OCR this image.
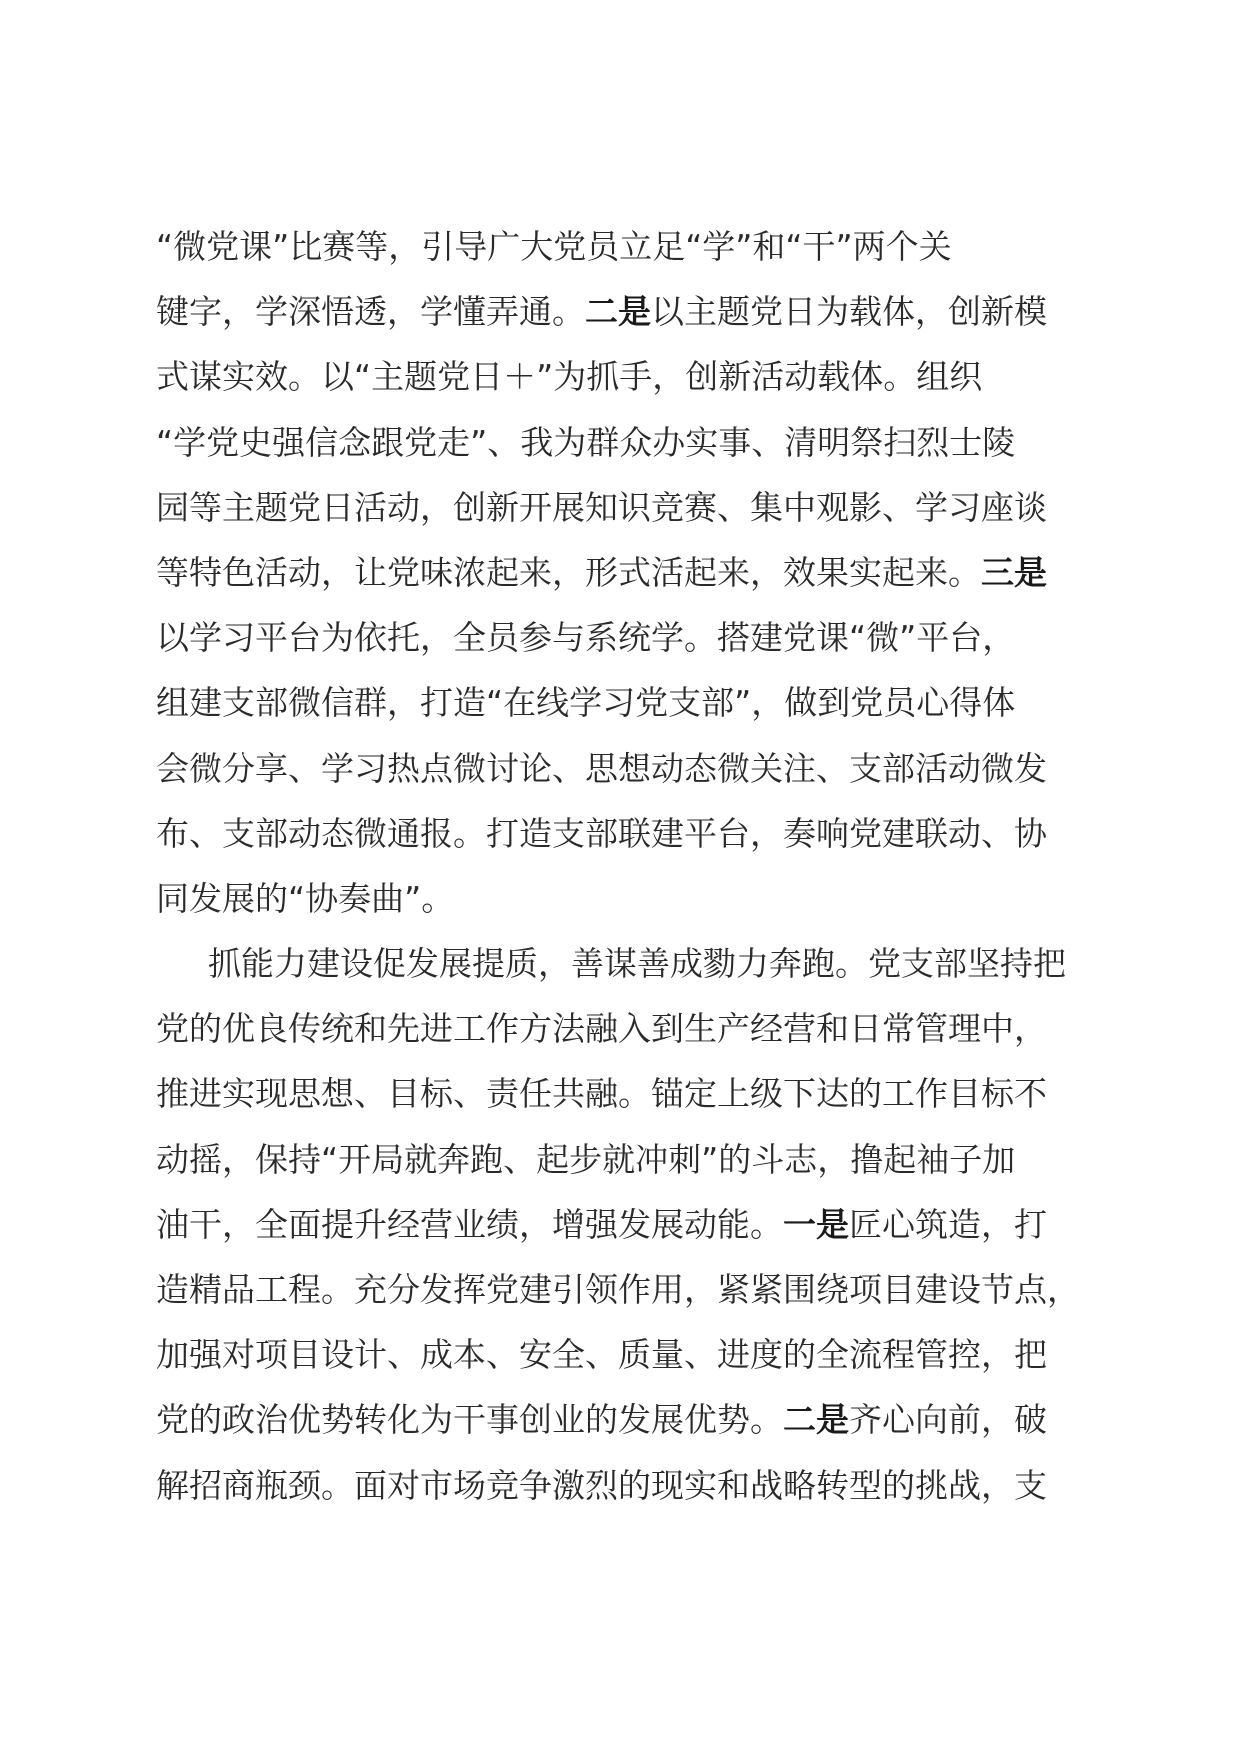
“微党课”比赛等，引导广大党员立足“学”和“干”两个关
键字，学深悟透，学懂弄通。二是以主题党日为载体，创新模
式谋实效。以“主题党日＋”为抓手，创新活动载体。组织
“学党史强信念跟党走”、我为群众办实事、清明祭扫烈士陵
园等主题党日活动，创新开展知识竞赛、集中观影、学习座谈
等特色活动，让党味浓起来，形式活起来，效果实起来。三是
以学习平台为依托，全员参与系统学。搭建党课“微”平台，
组建支部微信群，打造“在线学习党支部”，做到党员心得体
会微分享、学习热点微讨论、思想动态微关注、支部活动微发
布、支部动态微通报。打造支部联建平台，奏响党建联动、协
同发展的“协奏曲”。
抓能力建设促发展提质，善谋善成勠力奔跑。党支部坚持把
党的优良传统和先进工作方法融入到生产经营和日常管理中，
推进实现思想、目标、责任共融。锚定上级下达的工作目标不
动摇，保持“开局就奔跑、起步就冲刺”的斗志，撸起袖子加
油干，全面提升经营业绩，增强发展动能。一是匠心筑造，打
造精品工程。充分发挥党建引领作用，紧紧围绕项目建设节点，
加强对项目设计、成本、安全、质量、进度的全流程管控，把
党的政治优势转化为干事创业的发展优势。二是齐心向前，破
解招商瓶颈。面对市场竞争激烈的现实和战略转型的挑战，支
